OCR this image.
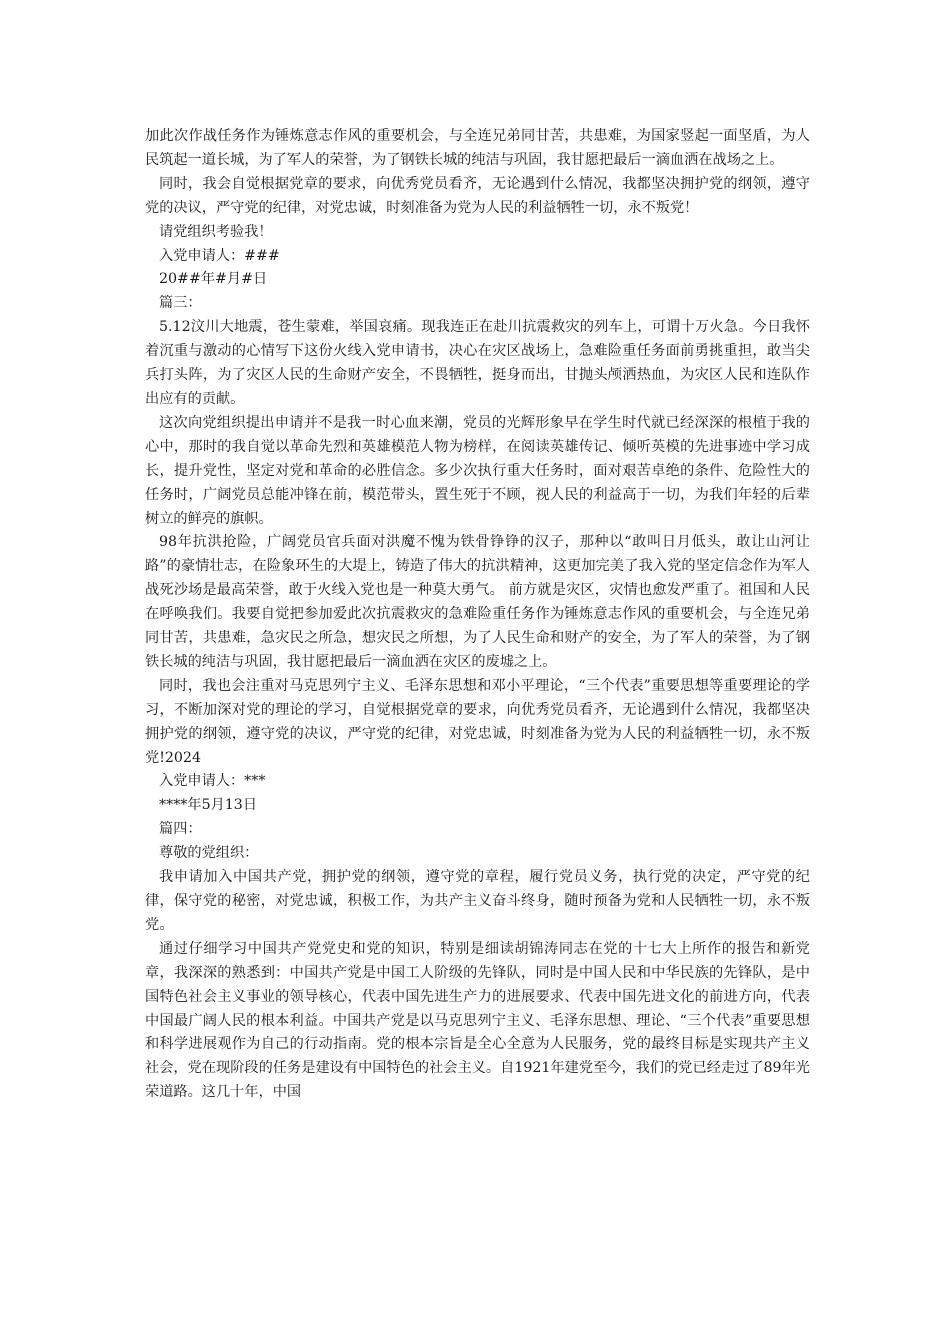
加此次作战任务作为锤炼意志作风的重要机会，与全连兄弟同甘苦，共患难，为国家竖起一面坚盾，为人民筑起一道长城，为了军人的荣誉，为了钢铁长城的纯洁与巩固，我甘愿把最后一滴血洒在战场之上。

同时，我会自觉根据党章的要求，向优秀党员看齐，无论遇到什么情况，我都坚决拥护党的纲领，遵守党的决议，严守党的纪律，对党忠诚，时刻准备为党为人民的利益牺牲一切，永不叛党！

请党组织考验我！

入党申请人：###

20##年#月#日

篇三：

5.12汶川大地震，苍生蒙难，举国哀痛。现我连正在赴川抗震救灾的列车上，可谓十万火急。今日我怀着沉重与激动的心情写下这份火线入党申请书，决心在灾区战场上，急难险重任务面前勇挑重担，敢当尖兵打头阵，为了灾区人民的生命财产安全，不畏牺牲，挺身而出，甘抛头颅洒热血，为灾区人民和连队作出应有的贡献。

这次向党组织提出申请并不是我一时心血来潮，党员的光辉形象早在学生时代就已经深深的根植于我的心中，那时的我自觉以革命先烈和英雄模范人物为榜样，在阅读英雄传记、倾听英模的先进事迹中学习成长，提升党性，坚定对党和革命的必胜信念。多少次执行重大任务时，面对艰苦卓绝的条件、危险性大的任务时，广阔党员总能冲锋在前，模范带头，置生死于不顾，视人民的利益高于一切，为我们年轻的后辈树立的鲜亮的旗帜。

98年抗洪抢险，广阔党员官兵面对洪魔不愧为铁骨铮铮的汉子，那种以“敢叫日月低头，敢让山河让路”的豪情壮志，在险象环生的大堤上，铸造了伟大的抗洪精神，这更加完美了我入党的坚定信念作为军人战死沙场是最高荣誉，敢于火线入党也是一种莫大勇气。 前方就是灾区，灾情也愈发严重了。祖国和人民在呼唤我们。我要自觉把参加爱此次抗震救灾的急难险重任务作为锤炼意志作风的重要机会，与全连兄弟同甘苦，共患难，急灾民之所急，想灾民之所想，为了人民生命和财产的安全，为了军人的荣誉，为了钢铁长城的纯洁与巩固，我甘愿把最后一滴血洒在灾区的废墟之上。

同时，我也会注重对马克思列宁主义、毛泽东思想和邓小平理论，“三个代表”重要思想等重要理论的学习，不断加深对党的理论的学习，自觉根据党章的要求，向优秀党员看齐，无论遇到什么情况，我都坚决拥护党的纲领，遵守党的决议，严守党的纪律，对党忠诚，时刻准备为党为人民的利益牺牲一切，永不叛党!2024

入党申请人：***

****年5月13日

篇四：

尊敬的党组织：

我申请加入中国共产党，拥护党的纲领，遵守党的章程，履行党员义务，执行党的决定，严守党的纪律，保守党的秘密，对党忠诚，积极工作，为共产主义奋斗终身，随时预备为党和人民牺牲一切，永不叛党。

通过仔细学习中国共产党党史和党的知识，特别是细读胡锦涛同志在党的十七大上所作的报告和新党章，我深深的熟悉到：中国共产党是中国工人阶级的先锋队，同时是中国人民和中华民族的先锋队，是中国特色社会主义事业的领导核心，代表中国先进生产力的进展要求、代表中国先进文化的前进方向，代表中国最广阔人民的根本利益。中国共产党是以马克思列宁主义、毛泽东思想、理论、“三个代表”重要思想和科学进展观作为自己的行动指南。党的根本宗旨是全心全意为人民服务，党的最终目标是实现共产主义社会，党在现阶段的任务是建设有中国特色的社会主义。自1921年建党至今，我们的党已经走过了89年光荣道路。这几十年，中国
